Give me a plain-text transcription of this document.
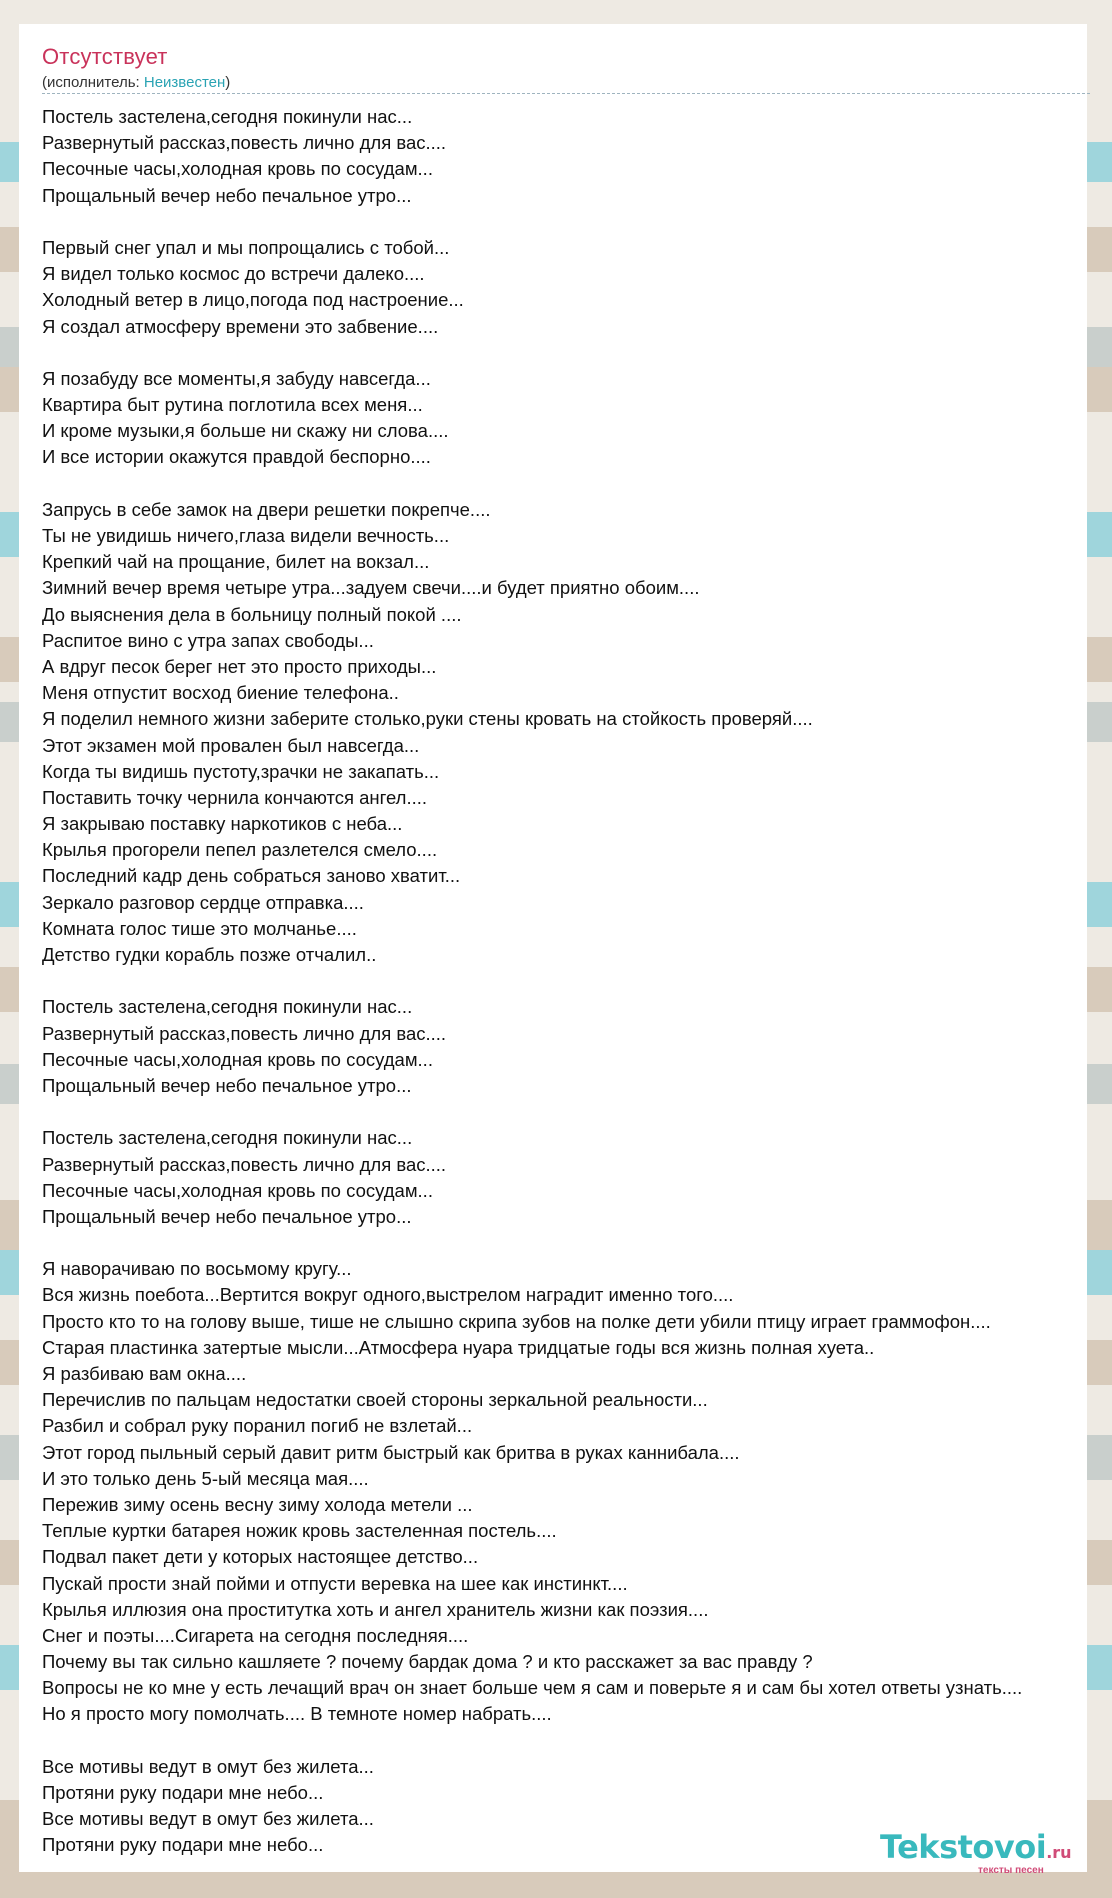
Отсутствует
(исполнитель: Неизвестен)
Постель застелена,сегодня покинули нас...
Развернутый рассказ,повесть лично для вас....
Песочные часы,холодная кровь по сосудам...
Прощальный вечер небо печальное утро...
Первый снег упал и мы попрощались с тобой...
Я видел только космос до встречи далеко....
Холодный ветер в лицо,погода под настроение...
Я создал атмосферу времени это забвение....
Я позабуду все моменты,я забуду навсегда...
Квартира быт рутина поглотила всех меня...
И кроме музыки,я больше ни скажу ни слова....
И все истории окажутся правдой беспорно....
Запрусь в себе замок на двери решетки покрепче....
Ты не увидишь ничего,глаза видели вечность...
Крепкий чай на прощание, билет на вокзал...
Зимний вечер время четыре утра...задуем свечи....и будет приятно обоим....
До выяснения дела в больницу полный покой ....
Распитое вино с утра запах свободы...
А вдруг песок берег нет это просто приходы...
Меня отпустит восход биение телефона..
Я поделил немного жизни заберите столько,руки стены кровать на стойкость проверяй....
Этот экзамен мой провален был навсегда...
Когда ты видишь пустоту,зрачки не закапать...
Поставить точку чернила кончаются ангел....
Я закрываю поставку наркотиков с неба...
Крылья прогорели пепел разлетелся смело....
Последний кадр день собраться заново хватит...
Зеркало разговор сердце отправка....
Комната голос тише это молчанье....
Детство гудки корабль позже отчалил..
Постель застелена,сегодня покинули нас...
Развернутый рассказ,повесть лично для вас....
Песочные часы,холодная кровь по сосудам...
Прощальный вечер небо печальное утро...
Постель застелена,сегодня покинули нас...
Развернутый рассказ,повесть лично для вас....
Песочные часы,холодная кровь по сосудам...
Прощальный вечер небо печальное утро...
Я наворачиваю по восьмому кругу...
Вся жизнь поебота...Вертится вокруг одного,выстрелом наградит именно того....
Просто кто то на голову выше, тише не слышно скрипа зубов на полке дети убили птицу играет граммофон....
Старая пластинка затертые мысли...Атмосфера нуара тридцатые годы вся жизнь полная хуета..
Я разбиваю вам окна....
Перечислив по пальцам недостатки своей стороны зеркальной реальности...
Разбил и собрал руку поранил погиб не взлетай...
Этот город пыльный серый давит ритм быстрый как бритва в руках каннибала....
И это только день 5-ый месяца мая....
Пережив зиму осень весну зиму холода метели ...
Теплые куртки батарея ножик кровь застеленная постель....
Подвал пакет дети у которых настоящее детство...
Пускай прости знай пойми и отпусти веревка на шее как инстинкт....
Крылья иллюзия она проститутка хоть и ангел хранитель жизни как поэзия....
Снег и поэты....Сигарета на сегодня последняя....
Почему вы так сильно кашляете ? почему бардак дома ? и кто расскажет за вас правду ?
Вопросы не ко мне у есть лечащий врач он знает больше чем я сам и поверьте я и сам бы хотел ответы узнать....
Но я просто могу помолчать.... В темноте номер набрать....
Все мотивы ведут в омут без жилета...
Протяни руку подари мне небо...
Все мотивы ведут в омут без жилета...
Протяни руку подари мне небо...	Tekstovoi.ru
тексты песен
